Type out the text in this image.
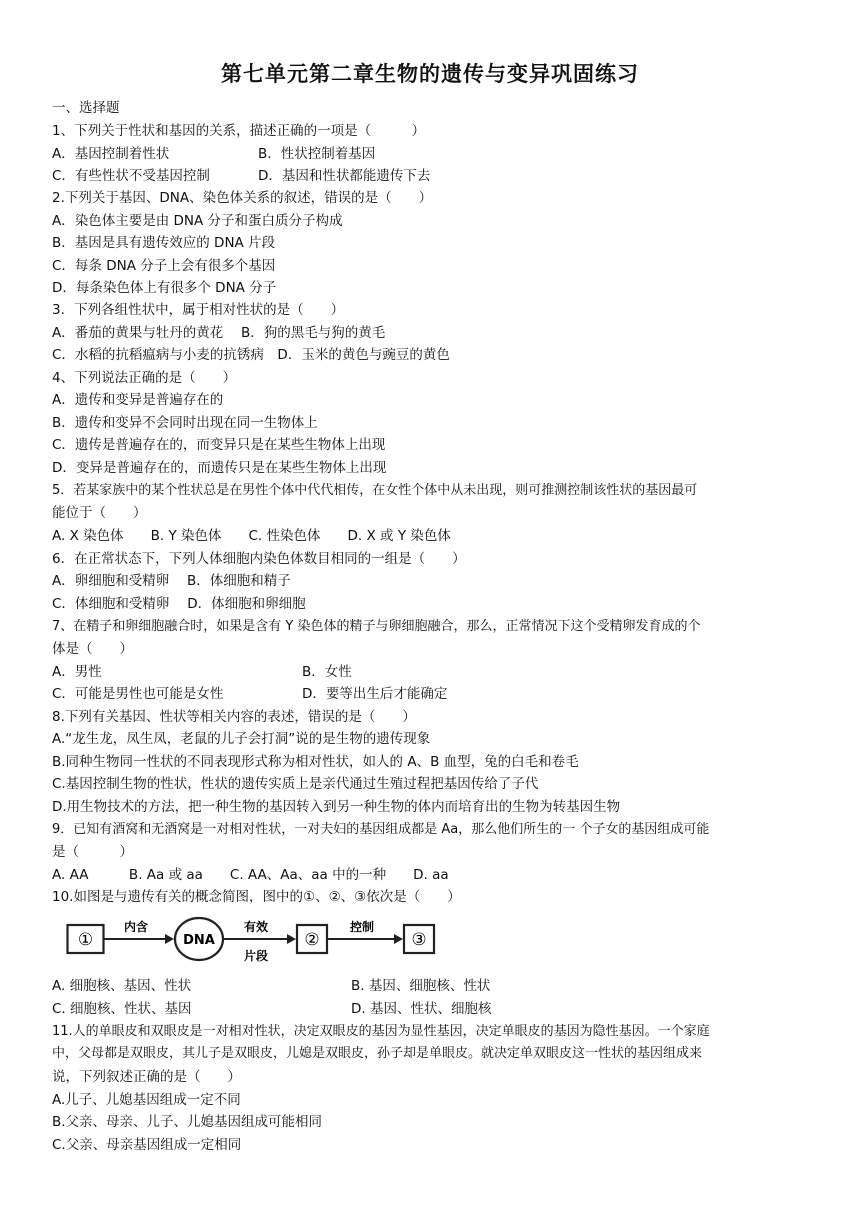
第七单元第二章生物的遗传与变异巩固练习
一、选择题
1、下列关于性状和基因的关系，描述正确的一项是（　　　）
A．基因控制着性状	B．性状控制着基因
C．有些性状不受基因控制	D．基因和性状都能遗传下去
2.下列关于基因、DNA、染色体关系的叙述，错误的是（　　）
A．染色体主要是由 DNA 分子和蛋白质分子构成
B．基因是具有遗传效应的 DNA 片段
C．每条 DNA 分子上会有很多个基因
D．每条染色体上有很多个 DNA 分子
3．下列各组性状中，属于相对性状的是（　　）
A．番茄的黄果与牡丹的黄花　 B．狗的黑毛与狗的黄毛
C．水稻的抗稻瘟病与小麦的抗锈病　D．玉米的黄色与豌豆的黄色
4、下列说法正确的是（　　）
A．遗传和变异是普遍存在的
B．遗传和变异不会同时出现在同一生物体上
C．遗传是普遍存在的，而变异只是在某些生物体上出现
D．变异是普遍存在的，而遗传只是在某些生物体上出现
5．若某家族中的某个性状总是在男性个体中代代相传，在女性个体中从未出现，则可推测控制该性状的基因最可
能位于（　　）
A. X 染色体　　B. Y 染色体　　C. 性染色体　　D. X 或 Y 染色体
6．在正常状态下，下列人体细胞内染色体数目相同的一组是（　　）
A．卵细胞和受精卵　 B．体细胞和精子
C．体细胞和受精卵　 D．体细胞和卵细胞
7、在精子和卵细胞融合时，如果是含有 Y 染色体的精子与卵细胞融合，那么，正常情况下这个受精卵发育成的个
体是（　　）
A．男性	B．女性
C．可能是男性也可能是女性	D．要等出生后才能确定
8.下列有关基因、性状等相关内容的表述，错误的是（　　）
A.“龙生龙，凤生凤，老鼠的儿子会打洞”说的是生物的遗传现象
B.同种生物同一性状的不同表现形式称为相对性状，如人的 A、B 血型，兔的白毛和卷毛
C.基因控制生物的性状，性状的遗传实质上是亲代通过生殖过程把基因传给了子代
D.用生物技术的方法，把一种生物的基因转入到另一种生物的体内而培育出的生物为转基因生物
9．已知有酒窝和无酒窝是一对相对性状，一对夫妇的基因组成都是 Aa，那么他们所生的一 个子女的基因组成可能
是（　　　）
A. AA　　　B. Aa 或 aa　　C. AA、Aa、aa 中的一种　　D. aa
10.如图是与遗传有关的概念简图，图中的①、②、③依次是（　　）
①
内含
DNA
有效
片段
②
控制
③
A. 细胞核、基因、性状	B. 基因、细胞核、性状
C. 细胞核、性状、基因	D. 基因、性状、细胞核
11.人的单眼皮和双眼皮是一对相对性状，决定双眼皮的基因为显性基因，决定单眼皮的基因为隐性基因。一个家庭
中，父母都是双眼皮，其儿子是双眼皮，儿媳是双眼皮，孙子却是单眼皮。就决定单双眼皮这一性状的基因组成来
说，下列叙述正确的是（　　）
A.儿子、儿媳基因组成一定不同
B.父亲、母亲、儿子、儿媳基因组成可能相同
C.父亲、母亲基因组成一定相同
